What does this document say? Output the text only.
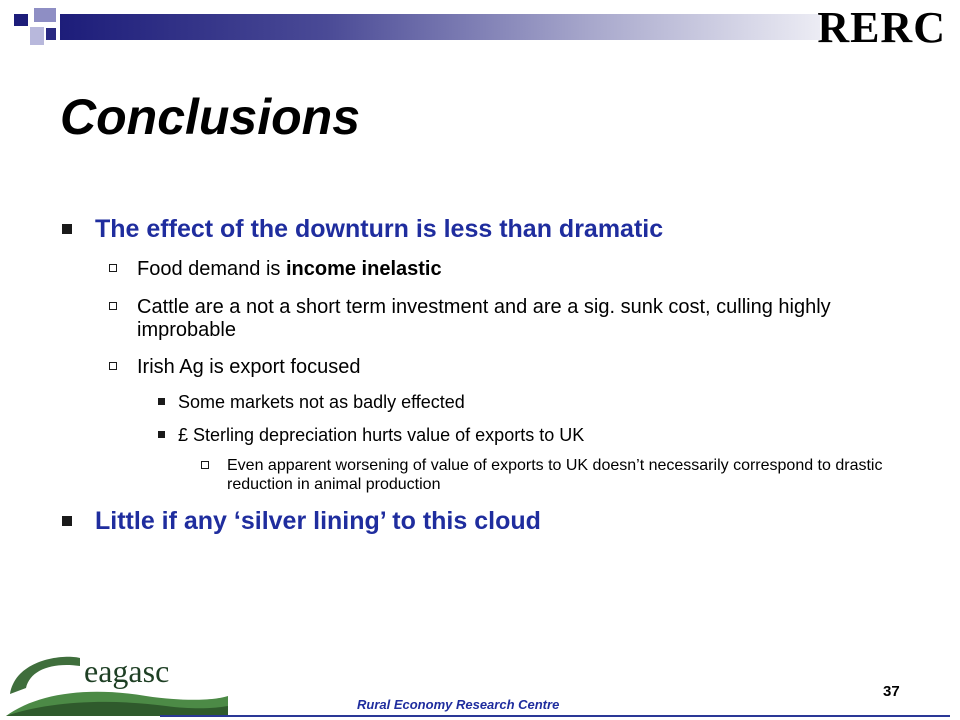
RERC
Conclusions
The effect of the downturn is less than dramatic
Food demand is income inelastic
Cattle are a not a short term investment and are a sig. sunk cost, culling highly improbable
Irish Ag is export focused
Some markets not as badly effected
£ Sterling depreciation hurts value of exports to UK
Even apparent worsening of value of exports to UK doesn’t necessarily correspond to drastic reduction in animal production
Little if any ‘silver lining’ to this cloud
eagasc
Rural Economy Research Centre
37
